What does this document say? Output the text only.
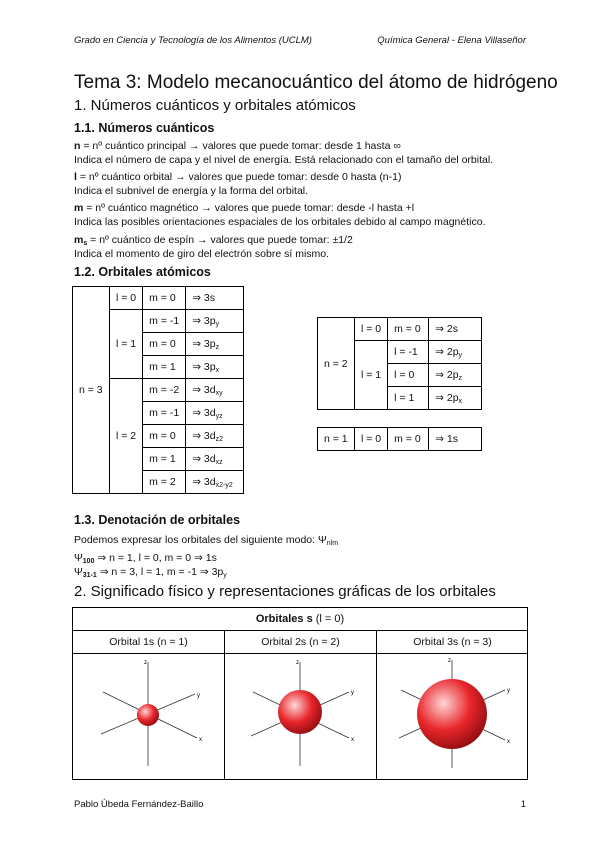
Grado en Ciencia y Tecnología de los Alimentos (UCLM)	Química General - Elena Villaseñor
Tema 3: Modelo mecanocuántico del átomo de hidrógeno
1. Números cuánticos y orbitales atómicos
1.1. Números cuánticos
n = nº cuántico principal → valores que puede tomar: desde 1 hasta ∞
Indica el número de capa y el nivel de energía. Está relacionado con el tamaño del orbital.
l = nº cuántico orbital → valores que puede tomar: desde 0 hasta (n-1)
Indica el subnivel de energía y la forma del orbital.
m = nº cuántico magnético → valores que puede tomar: desde -l hasta +l
Indica las posibles orientaciones espaciales de los orbitales debido al campo magnético.
$m_s$ = nº cuántico de espín → valores que puede tomar: ±1/2
Indica el momento de giro del electrón sobre sí mismo.
1.2. Orbitales atómicos
n = 3	l = 0	m = 0	⇒ 3s
	l = 1	m = -1	⇒ $3p_y$
		m = 0	⇒ $3p_z$
		m = 1	⇒ $3p_x$
	l = 2	m = -2	⇒ $3d_{xy}$
		m = -1	⇒ $3d_{yz}$
		m = 0	⇒ $3d_{z2}$
		m = 1	⇒ $3d_{xz}$
		m = 2	⇒ $3d_{x2-y2}$
n = 2	l = 0	m = 0	⇒ 2s
	l = 1	l = -1	⇒ $2p_y$
		l = 0	⇒ $2p_z$
		l = 1	⇒ $2p_x$
n = 1	l = 0	m = 0	⇒ 1s
1.3. Denotación de orbitales
Podemos expresar los orbitales del siguiente modo: $\Psi_{nlm}$
$\Psi_{100}$ ⇒ n = 1, l = 0, m = 0 ⇒ 1s
$\Psi_{31-1}$ ⇒ n = 3, l = 1, m = -1 ⇒ $3p_y$
2. Significado físico y representaciones gráficas de los orbitales
Orbitales s (l = 0)
Orbital 1s (n = 1)
z
y
x
Orbital 2s (n = 2)
z
y
x
Orbital 3s (n = 3)
z
y
x
Pablo Úbeda Fernández-Baillo	1
